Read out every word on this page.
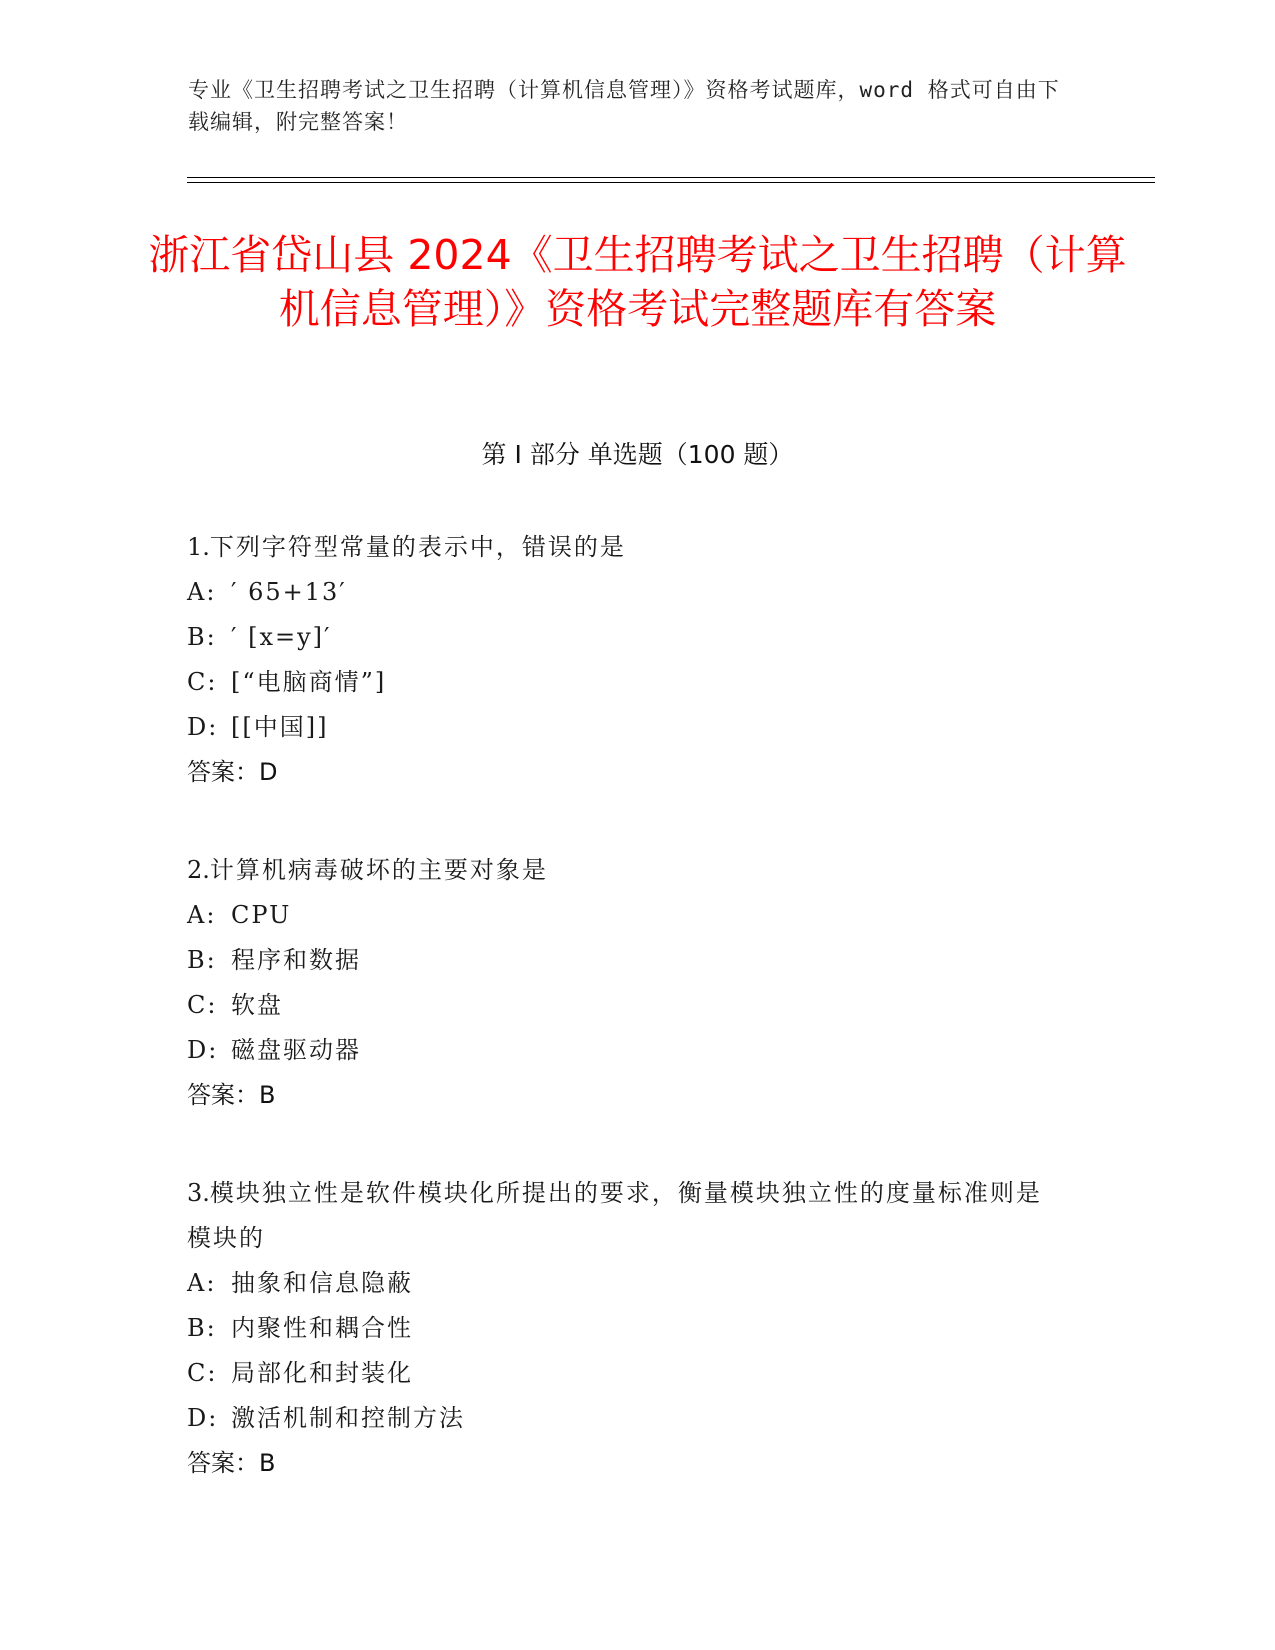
专业《卫生招聘考试之卫生招聘（计算机信息管理）》资格考试题库，word 格式可自由下载编辑，附完整答案！

浙江省岱山县 2024《卫生招聘考试之卫生招聘（计算机信息管理）》资格考试完整题库有答案

第 I 部分 单选题（100 题）

1.下列字符型常量的表示中，错误的是

A: ′ 65+13′

B: ′ [x=y]′

C: [“电脑商情”]

D: [[中国]]

答案：D

2.计算机病毒破坏的主要对象是

A: CPU

B: 程序和数据

C: 软盘

D: 磁盘驱动器

答案：B

3.模块独立性是软件模块化所提出的要求，衡量模块独立性的度量标准则是模块的

A: 抽象和信息隐蔽

B: 内聚性和耦合性

C: 局部化和封装化

D: 激活机制和控制方法

答案：B
